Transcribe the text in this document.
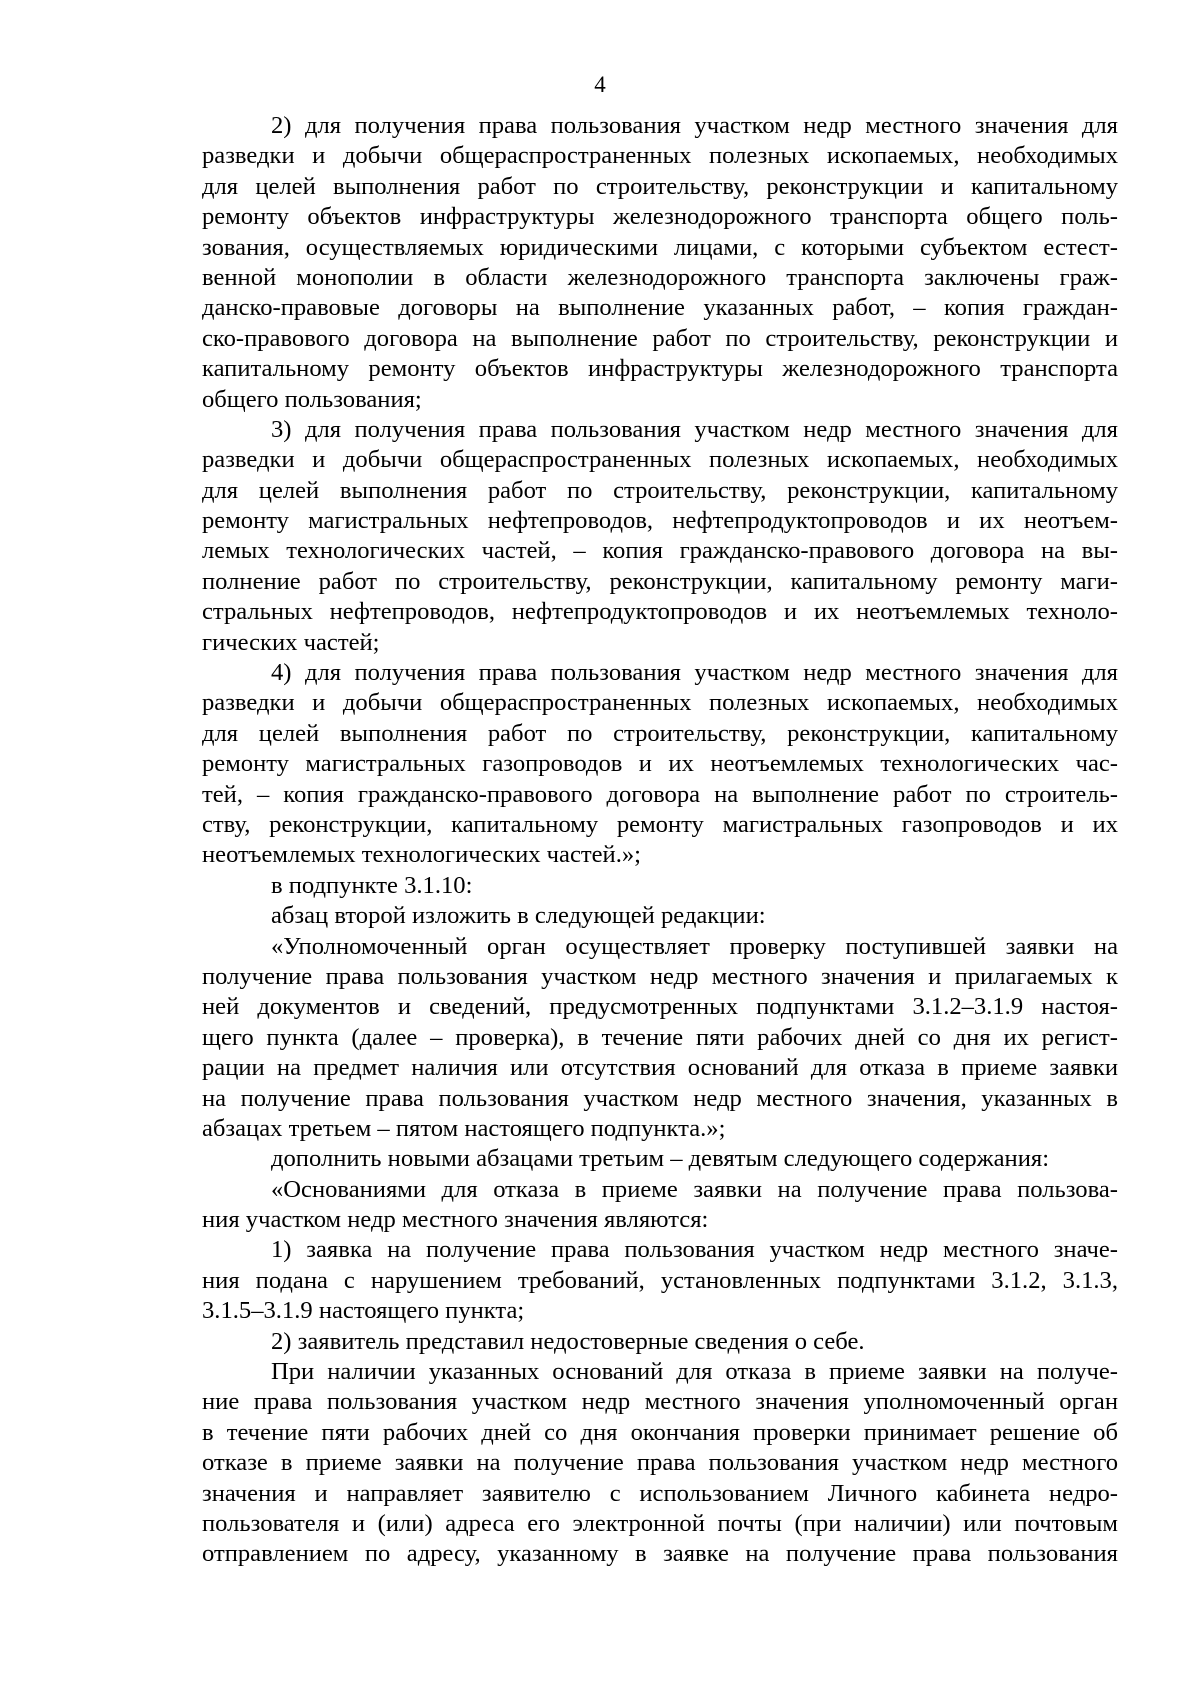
4
2) для получения права пользования участком недр местного значения для
разведки и добычи общераспространенных полезных ископаемых, необходимых
для целей выполнения работ по строительству, реконструкции и капитальному
ремонту объектов инфраструктуры железнодорожного транспорта общего поль-
зования, осуществляемых юридическими лицами, с которыми субъектом естест-
венной монополии в области железнодорожного транспорта заключены граж-
данско-правовые договоры на выполнение указанных работ, – копия граждан-
ско-правового договора на выполнение работ по строительству, реконструкции и
капитальному ремонту объектов инфраструктуры железнодорожного транспорта
общего пользования;
3) для получения права пользования участком недр местного значения для
разведки и добычи общераспространенных полезных ископаемых, необходимых
для целей выполнения работ по строительству, реконструкции, капитальному
ремонту магистральных нефтепроводов, нефтепродуктопроводов и их неотъем-
лемых технологических частей, – копия гражданско-правового договора на вы-
полнение работ по строительству, реконструкции, капитальному ремонту маги-
стральных нефтепроводов, нефтепродуктопроводов и их неотъемлемых техноло-
гических частей;
4) для получения права пользования участком недр местного значения для
разведки и добычи общераспространенных полезных ископаемых, необходимых
для целей выполнения работ по строительству, реконструкции, капитальному
ремонту магистральных газопроводов и их неотъемлемых технологических час-
тей, – копия гражданско-правового договора на выполнение работ по строитель-
ству, реконструкции, капитальному ремонту магистральных газопроводов и их
неотъемлемых технологических частей.»;
в подпункте 3.1.10:
абзац второй изложить в следующей редакции:
«Уполномоченный орган осуществляет проверку поступившей заявки на
получение права пользования участком недр местного значения и прилагаемых к
ней документов и сведений, предусмотренных подпунктами 3.1.2–3.1.9 настоя-
щего пункта (далее – проверка), в течение пяти рабочих дней со дня их регист-
рации на предмет наличия или отсутствия оснований для отказа в приеме заявки
на получение права пользования участком недр местного значения, указанных в
абзацах третьем – пятом настоящего подпункта.»;
дополнить новыми абзацами третьим – девятым следующего содержания:
«Основаниями для отказа в приеме заявки на получение права пользова-
ния участком недр местного значения являются:
1) заявка на получение права пользования участком недр местного значе-
ния подана с нарушением требований, установленных подпунктами 3.1.2, 3.1.3,
3.1.5–3.1.9 настоящего пункта;
2) заявитель представил недостоверные сведения о себе.
При наличии указанных оснований для отказа в приеме заявки на получе-
ние права пользования участком недр местного значения уполномоченный орган
в течение пяти рабочих дней со дня окончания проверки принимает решение об
отказе в приеме заявки на получение права пользования участком недр местного
значения и направляет заявителю с использованием Личного кабинета недро-
пользователя и (или) адреса его электронной почты (при наличии) или почтовым
отправлением по адресу, указанному в заявке на получение права пользования
